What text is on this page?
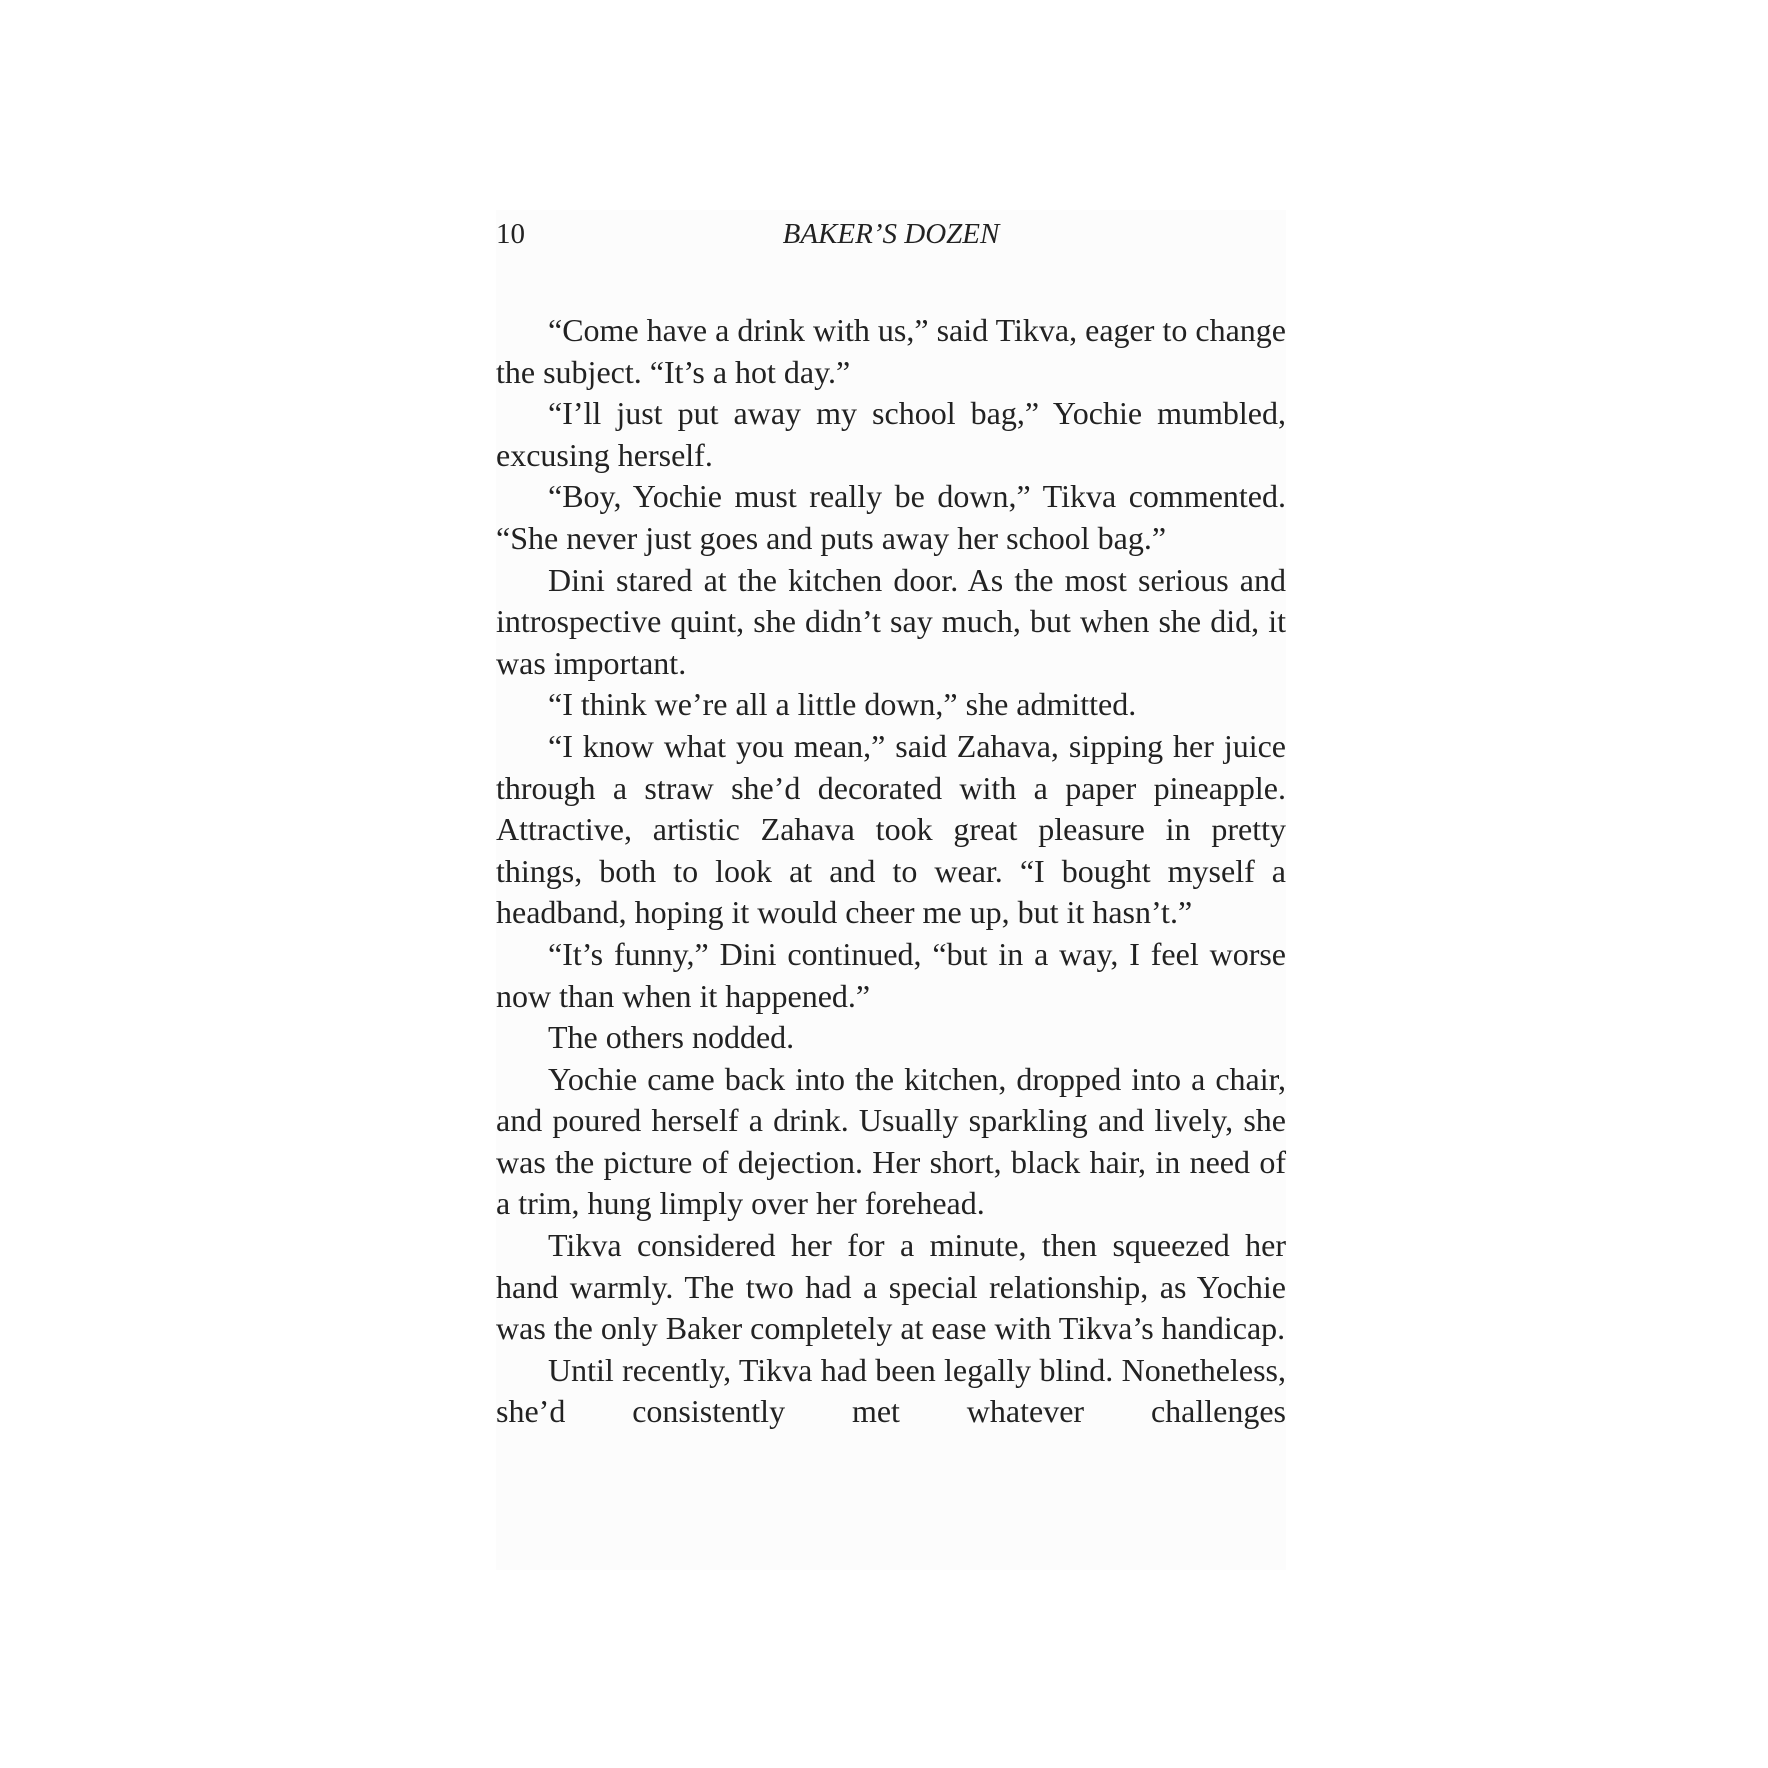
10	BAKER’S DOZEN

“Come have a drink with us,” said Tikva, eager to change the subject. “It’s a hot day.”

“I’ll just put away my school bag,” Yochie mumbled, excusing herself.

“Boy, Yochie must really be down,” Tikva commented. “She never just goes and puts away her school bag.”

Dini stared at the kitchen door. As the most serious and introspective quint, she didn’t say much, but when she did, it was important.

“I think we’re all a little down,” she admitted.

“I know what you mean,” said Zahava, sipping her juice through a straw she’d decorated with a paper pineapple. Attractive, artistic Zahava took great pleasure in pretty things, both to look at and to wear. “I bought myself a headband, hoping it would cheer me up, but it hasn’t.”

“It’s funny,” Dini continued, “but in a way, I feel worse now than when it happened.”

The others nodded.

Yochie came back into the kitchen, dropped into a chair, and poured herself a drink. Usually sparkling and lively, she was the picture of dejection. Her short, black hair, in need of a trim, hung limply over her forehead.

Tikva considered her for a minute, then squeezed her hand warmly. The two had a special relationship, as Yochie was the only Baker completely at ease with Tikva’s handicap.

Until recently, Tikva had been legally blind. Nonetheless, she’d consistently met whatever challenges
